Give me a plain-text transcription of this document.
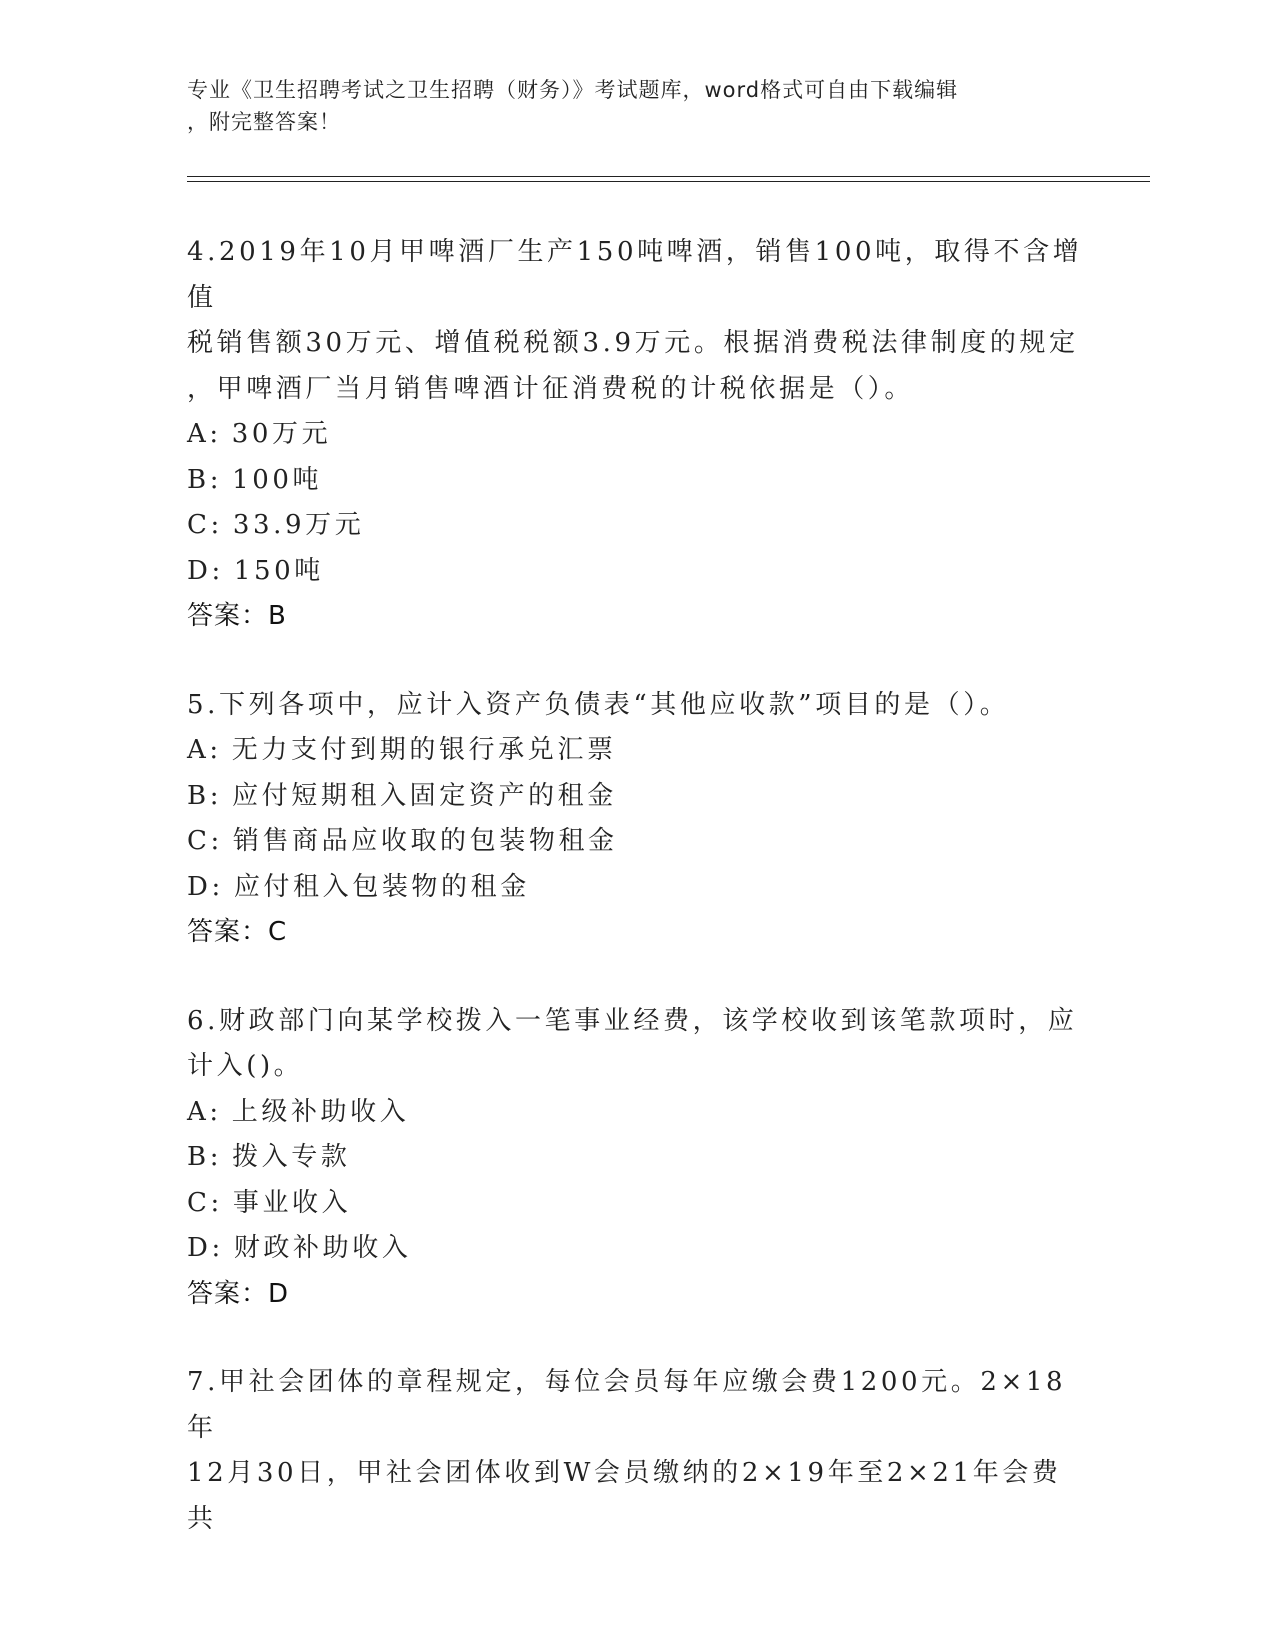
专业《卫生招聘考试之卫生招聘（财务）》考试题库，word格式可自由下载编辑
，附完整答案！
4.2019年10月甲啤酒厂生产150吨啤酒，销售100吨，取得不含增值
税销售额30万元、增值税税额3.9万元。根据消费税法律制度的规定
，甲啤酒厂当月销售啤酒计征消费税的计税依据是（）。
A: 30万元
B: 100吨
C: 33.9万元
D: 150吨
答案：B
5.下列各项中，应计入资产负债表“其他应收款”项目的是（）。
A: 无力支付到期的银行承兑汇票
B: 应付短期租入固定资产的租金
C: 销售商品应收取的包装物租金
D: 应付租入包装物的租金
答案：C
6.财政部门向某学校拨入一笔事业经费，该学校收到该笔款项时，应
计入()。
A: 上级补助收入
B: 拨入专款
C: 事业收入
D: 财政补助收入
答案：D
7.甲社会团体的章程规定，每位会员每年应缴会费1200元。2×18年
12月30日，甲社会团体收到W会员缴纳的2×19年至2×21年会费共
